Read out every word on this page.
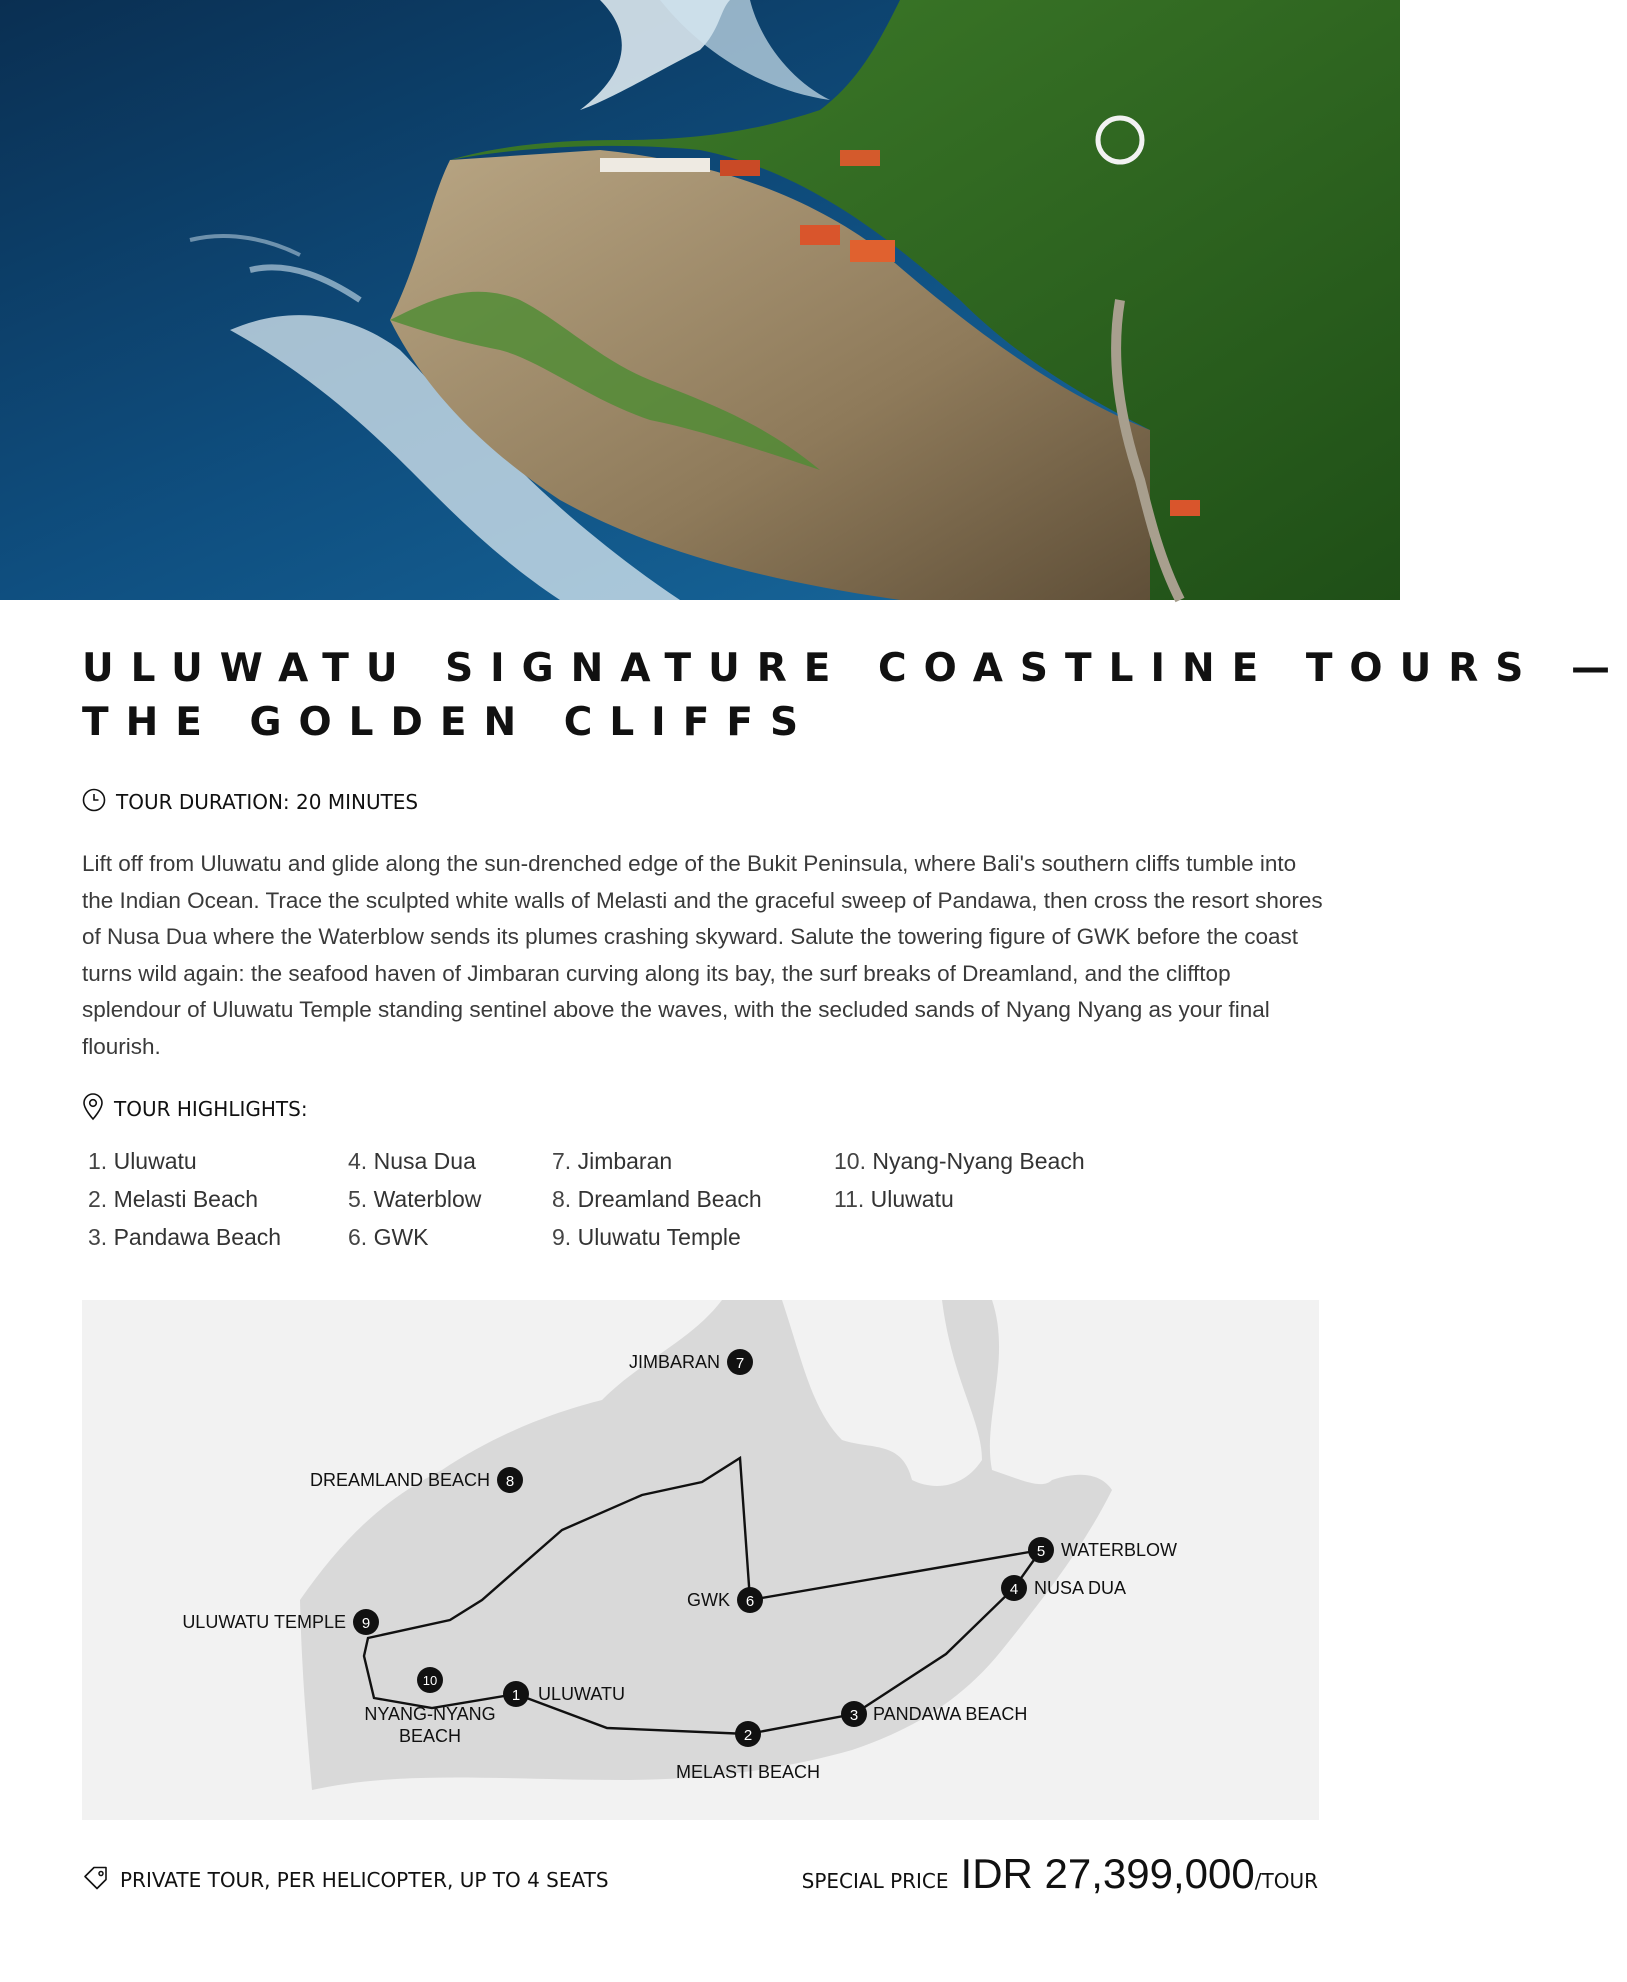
ULUWATU SIGNATURE COASTLINE TOURS —
THE GOLDEN CLIFFS
TOUR DURATION: 20 MINUTES

Lift off from Uluwatu and glide along the sun-drenched edge of the Bukit Peninsula, where Bali's southern cliffs tumble into the Indian Ocean. Trace the sculpted white walls of Melasti and the graceful sweep of Pandawa, then cross the resort shores of Nusa Dua where the Waterblow sends its plumes crashing skyward. Salute the towering figure of GWK before the coast turns wild again: the seafood haven of Jimbaran curving along its bay, the surf breaks of Dreamland, and the clifftop splendour of Uluwatu Temple standing sentinel above the waves, with the secluded sands of Nyang Nyang as your final flourish.

TOUR HIGHLIGHTS:
1. Uluwatu
2. Melasti Beach
3. Pandawa Beach
4. Nusa Dua
5. Waterblow
6. GWK
7. Jimbaran
8. Dreamland Beach
9. Uluwatu Temple
10. Nyang-Nyang Beach
11. Uluwatu
1 ULUWATU
2
MELASTI BEACH
3 PANDAWA BEACH
4 NUSA DUA
5 WATERBLOW
6
GWK
7
JIMBARAN
8
DREAMLAND BEACH
9
ULUWATU TEMPLE
10
NYANG-NYANG
BEACH
PRIVATE TOUR, PER HELICOPTER, UP TO 4 SEATS	SPECIAL PRICE IDR 27,399,000 /TOUR
